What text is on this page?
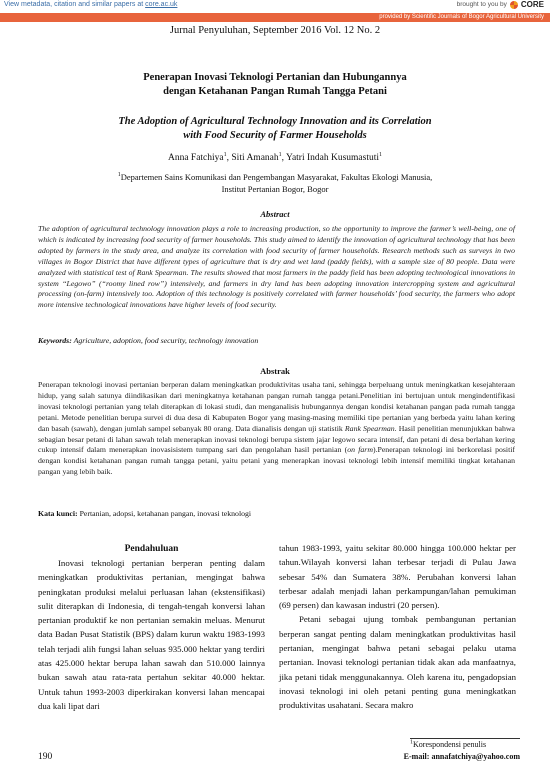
View metadata, citation and similar papers at core.ac.uk	brought to you by CORE
provided by Scientific Journals of Bogor Agricultural University
Jurnal Penyuluhan, September 2016 Vol. 12 No. 2
Penerapan Inovasi Teknologi Pertanian dan Hubungannya
dengan Ketahanan Pangan Rumah Tangga Petani
The Adoption of Agricultural Technology Innovation and its Correlation
with Food Security of Farmer Households
Anna Fatchiya$^1$, Siti Amanah$^1$, Yatri Indah Kusumastuti$^1$
$^1$Departemen Sains Komunikasi dan Pengembangan Masyarakat, Fakultas Ekologi Manusia,
Institut Pertanian Bogor, Bogor
Abstract
The adoption of agricultural technology innovation plays a role to increasing production, so the opportunity to improve the farmer’s well-being, one of which is indicated by increasing food security of farmer households. This study aimed to identify the innovation of agricultural technology that has been adopted by farmers in the study area, and analyze its correlation with food security of farmer households. Research methods such as surveys in two villages in Bogor District that have different types of agriculture that is dry and wet land (paddy fields), with a sample size of 80 people. Data were analyzed with statistical test of Rank Spearman. The results showed that most farmers in the paddy field has been adopting technological innovations in system “Legowo” (“roomy lined row”) intensively, and farmers in dry land has been adopting innovation intercropping system and agricultural processing (on-farm) intensively too. Adoption of this technology is positively correlated with farmer households’ food security, the farmers who adopt more intensive technological innovations have higher levels of food security.
Keywords: Agriculture, adoption, food security, technology innovation
Abstrak
Penerapan teknologi inovasi pertanian berperan dalam meningkatkan produktivitas usaha tani, sehingga berpeluang untuk meningkatkan kesejahteraan hidup, yang salah satunya diindikasikan dari meningkatnya ketahanan pangan rumah tangga petani.Penelitian ini bertujuan untuk mengindentifikasi inovasi teknologi pertanian yang telah diterapkan di lokasi studi, dan menganalisis hubungannya dengan kondisi ketahanan pangan pada rumah tangga petani. Metode penelitian berupa survei di dua desa di Kabupaten Bogor yang masing-masing memiliki tipe pertanian yang berbeda yaitu lahan kering dan basah (sawah), dengan jumlah sampel sebanyak 80 orang. Data dianalisis dengan uji statistik Rank Spearman. Hasil penelitian menunjukkan bahwa sebagian besar petani di lahan sawah telah menerapkan inovasi teknologi berupa sistem jajar legowo secara intensif, dan petani di desa berlahan kering cukup intensif dalam menerapkan inovasisistem tumpang sari dan pengolahan hasil pertanian (on farm).Penerapan teknologi ini berkorelasi positif dengan kondisi ketahanan pangan rumah tangga petani, yaitu petani yang menerapkan inovasi teknologi lebih intensif memiliki tingkat ketahanan pangan yang lebih baik.
Kata kunci: Pertanian, adopsi, ketahanan pangan, inovasi teknologi
Pendahuluan

Inovasi teknologi pertanian berperan penting dalam meningkatkan produktivitas pertanian, mengingat bahwa peningkatan produksi melalui perluasan lahan (ekstensifikasi) sulit diterapkan di Indonesia, di tengah-tengah konversi lahan pertanian produktif ke non pertanian semakin meluas. Menurut data Badan Pusat Statistik (BPS) dalam kurun waktu 1983-1993 telah terjadi alih fungsi lahan seluas 935.000 hektar yang terdiri atas 425.000 hektar berupa lahan sawah dan 510.000 lainnya bukan sawah atau rata-rata pertahun sekitar 40.000 hektar. Untuk tahun 1993-2003 diperkirakan konversi lahan mencapai dua kali lipat dari

tahun 1983-1993, yaitu sekitar 80.000 hingga 100.000 hektar per tahun.Wilayah konversi lahan terbesar terjadi di Pulau Jawa sebesar 54% dan Sumatera 38%. Perubahan konversi lahan terbesar adalah menjadi lahan perkampungan/lahan pemukiman (69 persen) dan kawasan industri (20 persen).

Petani sebagai ujung tombak pembangunan pertanian berperan sangat penting dalam meningkatkan produktivitas hasil pertanian, mengingat bahwa petani sebagai pelaku utama pertanian. Inovasi teknologi pertanian tidak akan ada manfaatnya, jika petani tidak menggunakannya. Oleh karena itu, pengadopsian inovasi teknologi ini oleh petani penting guna meningkatkan produktivitas usahatani. Secara makro

$^1$Korespondensi penulis
E-mail: annafatchiya@yahoo.com
190
